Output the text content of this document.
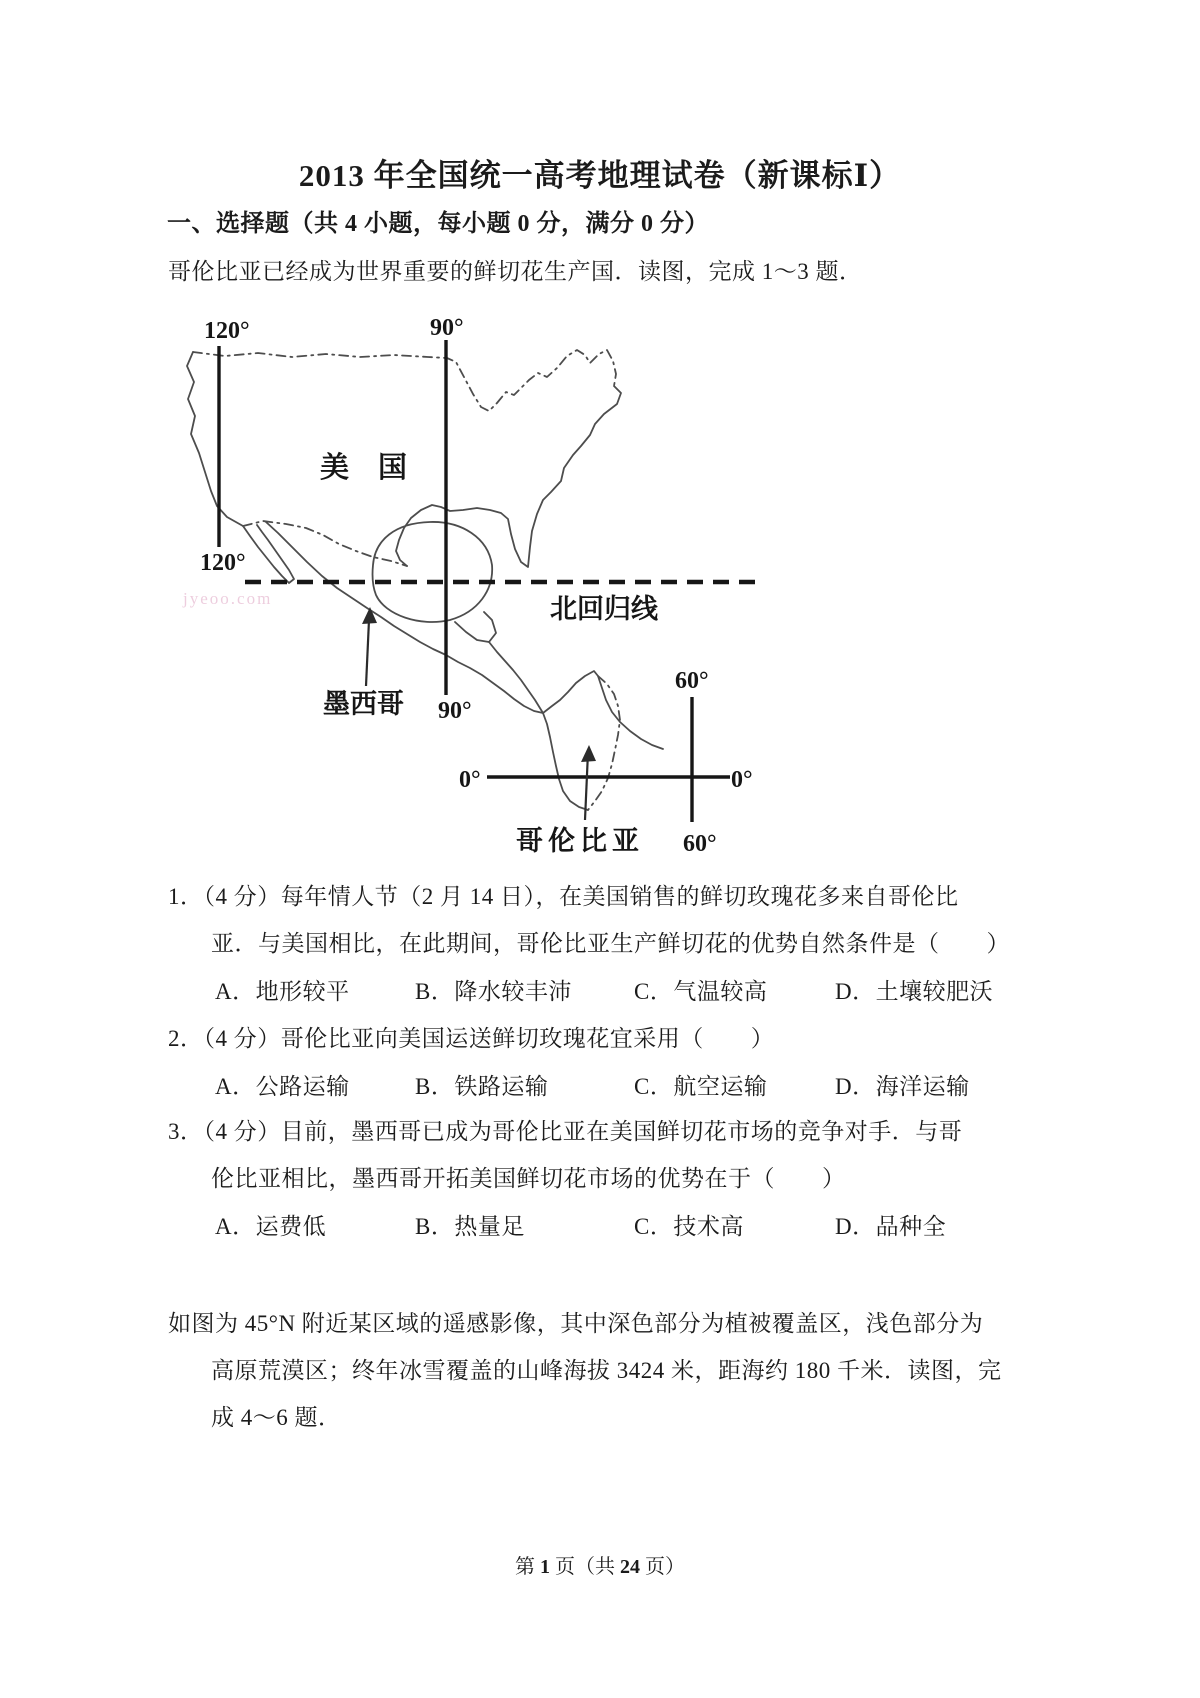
2013 年全国统一高考地理试卷（新课标Ⅰ）
一、选择题（共 4 小题，每小题 0 分，满分 0 分）
哥伦比亚已经成为世界重要的鲜切花生产国．读图，完成 1～3 题．
120°
120°
90°
90°
60°
60°
0°	0°
美　国
墨西哥
哥伦比亚
北回归线
jyeoo.com
1．（4 分）每年情人节（2 月 14 日），在美国销售的鲜切玫瑰花多来自哥伦比
亚．与美国相比，在此期间，哥伦比亚生产鲜切花的优势自然条件是（　　）
A．地形较平	B．降水较丰沛	C．气温较高	D．土壤较肥沃
2．（4 分）哥伦比亚向美国运送鲜切玫瑰花宜采用（　　）
A．公路运输	B．铁路运输	C．航空运输	D．海洋运输
3．（4 分）目前，墨西哥已成为哥伦比亚在美国鲜切花市场的竞争对手．与哥
伦比亚相比，墨西哥开拓美国鲜切花市场的优势在于（　　）
A．运费低	B．热量足	C．技术高	D．品种全
如图为 45°N 附近某区域的遥感影像，其中深色部分为植被覆盖区，浅色部分为
高原荒漠区；终年冰雪覆盖的山峰海拔 3424 米，距海约 180 千米．读图，完
成 4～6 题．
第 1 页（共 24 页）
